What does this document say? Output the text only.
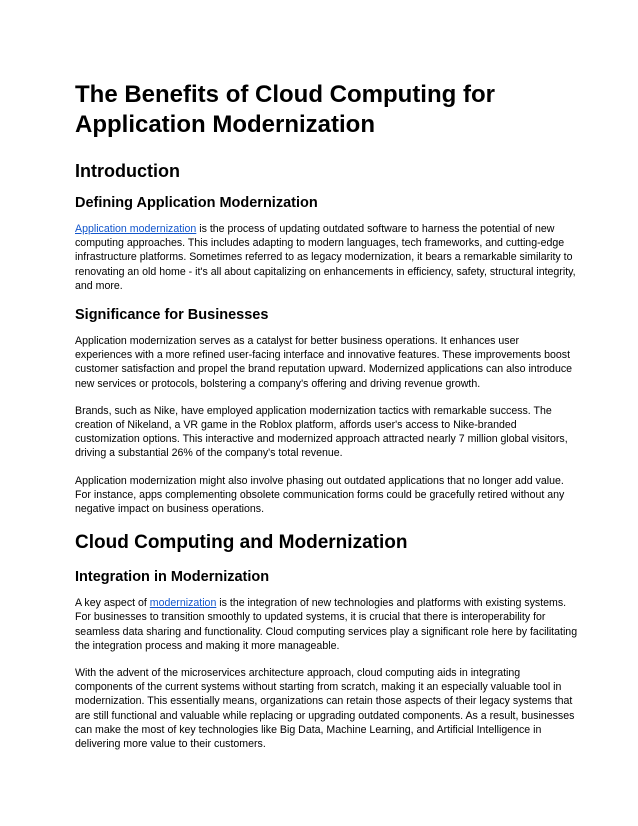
The Benefits of Cloud Computing for Application Modernization
Introduction
Defining Application Modernization

Application modernization is the process of updating outdated software to harness the potential of new computing approaches. This includes adapting to modern languages, tech frameworks, and cutting-edge infrastructure platforms. Sometimes referred to as legacy modernization, it bears a remarkable similarity to renovating an old home - it's all about capitalizing on enhancements in efficiency, safety, structural integrity, and more.

Significance for Businesses

Application modernization serves as a catalyst for better business operations. It enhances user experiences with a more refined user-facing interface and innovative features. These improvements boost customer satisfaction and propel the brand reputation upward. Modernized applications can also introduce new services or protocols, bolstering a company's offering and driving revenue growth.

Brands, such as Nike, have employed application modernization tactics with remarkable success. The creation of Nikeland, a VR game in the Roblox platform, affords user's access to Nike-branded customization options. This interactive and modernized approach attracted nearly 7 million global visitors, driving a substantial 26% of the company's total revenue.

Application modernization might also involve phasing out outdated applications that no longer add value. For instance, apps complementing obsolete communication forms could be gracefully retired without any negative impact on business operations.

Cloud Computing and Modernization
Integration in Modernization

A key aspect of modernization is the integration of new technologies and platforms with existing systems. For businesses to transition smoothly to updated systems, it is crucial that there is interoperability for seamless data sharing and functionality. Cloud computing services play a significant role here by facilitating the integration process and making it more manageable.

With the advent of the microservices architecture approach, cloud computing aids in integrating components of the current systems without starting from scratch, making it an especially valuable tool in modernization. This essentially means, organizations can retain those aspects of their legacy systems that are still functional and valuable while replacing or upgrading outdated components. As a result, businesses can make the most of key technologies like Big Data, Machine Learning, and Artificial Intelligence in delivering more value to their customers.
